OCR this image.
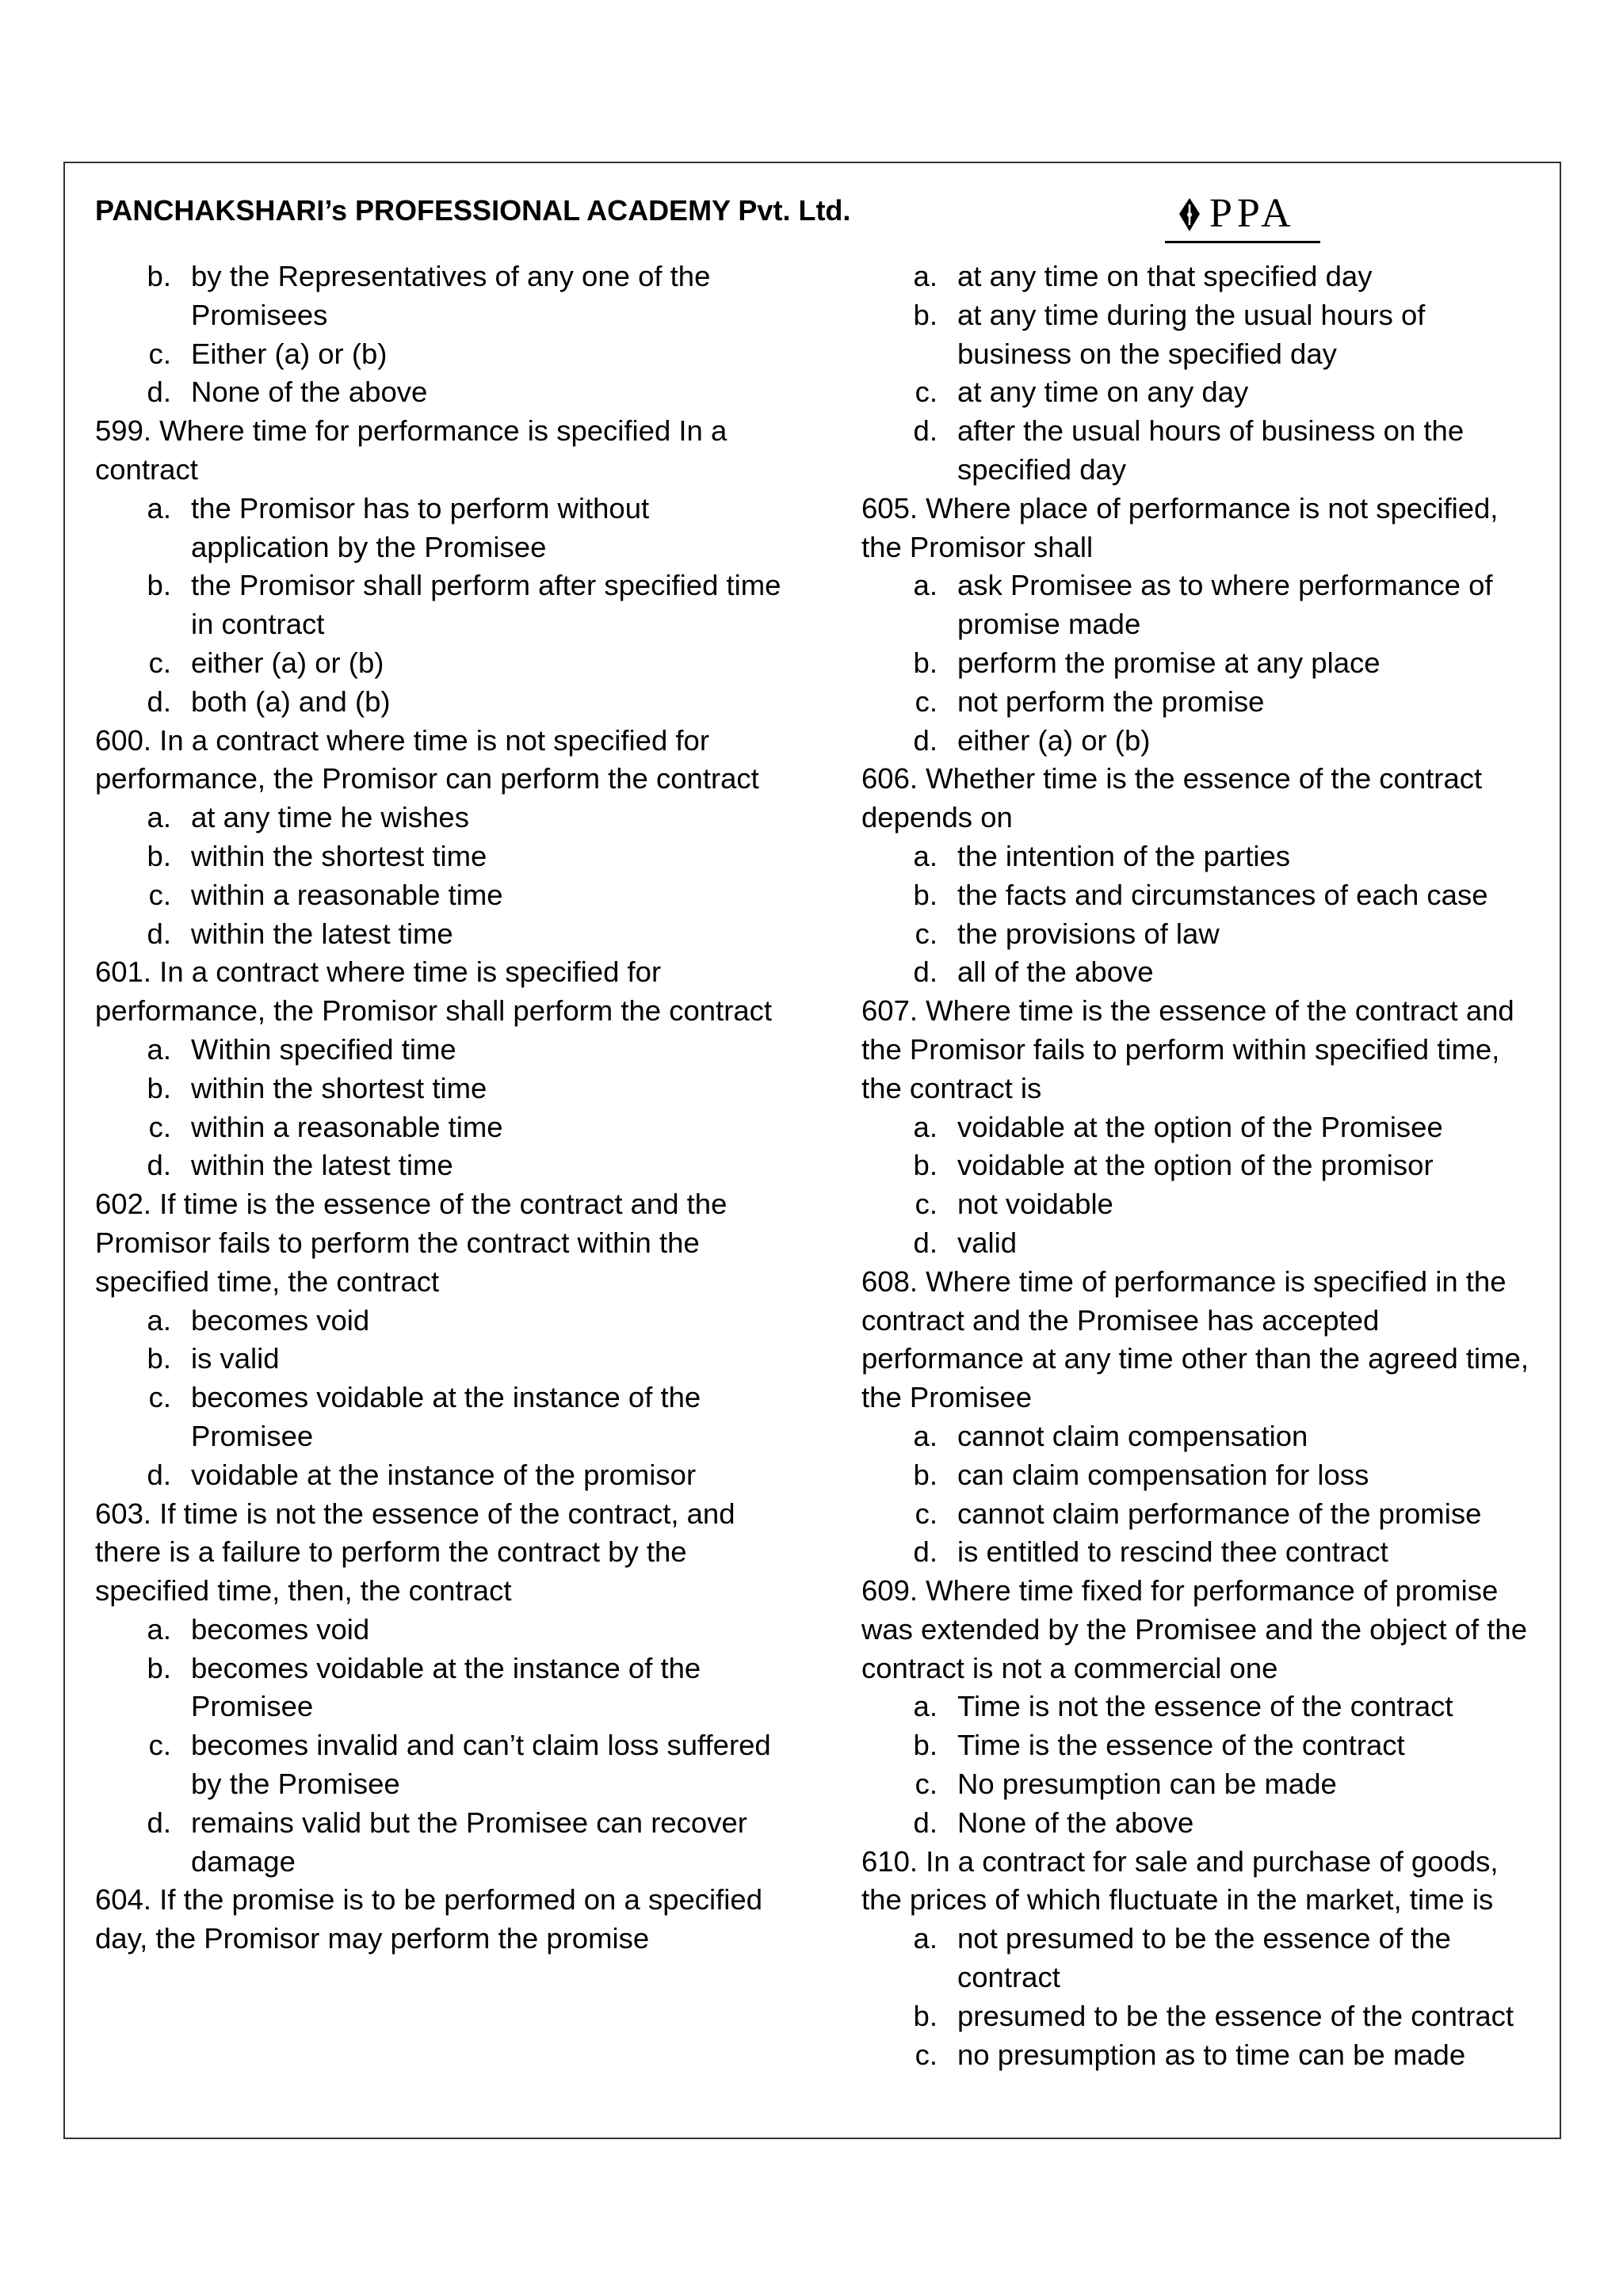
PANCHAKSHARI’s PROFESSIONAL ACADEMY Pvt. Ltd.	PPA
b. by the Representatives of any one of the Promisees
c. Either (a) or (b)
d. None of the above

599. Where time for performance is specified In a contract

a. the Promisor has to perform without application by the Promisee
b. the Promisor shall perform after specified time in contract
c. either (a) or (b)
d. both (a) and (b)

600. In a contract where time is not specified for performance, the Promisor can perform the contract

a. at any time he wishes
b. within the shortest time
c. within a reasonable time
d. within the latest time

601. In a contract where time is specified for performance, the Promisor shall perform the contract

a. Within specified time
b. within the shortest time
c. within a reasonable time
d. within the latest time

602. If time is the essence of the contract and the Promisor fails to perform the contract within the specified time, the contract

a. becomes void
b. is valid
c. becomes voidable at the instance of the Promisee
d. voidable at the instance of the promisor

603. If time is not the essence of the contract, and there is a failure to perform the contract by the specified time, then, the contract

a. becomes void
b. becomes voidable at the instance of the Promisee
c. becomes invalid and can’t claim loss suffered by the Promisee
d. remains valid but the Promisee can recover damage

604. If the promise is to be performed on a specified day, the Promisor may perform the promise

a. at any time on that specified day
b. at any time during the usual hours of business on the specified day
c. at any time on any day
d. after the usual hours of business on the specified day

605. Where place of performance is not specified, the Promisor shall

a. ask Promisee as to where performance of promise made
b. perform the promise at any place
c. not perform the promise
d. either (a) or (b)

606. Whether time is the essence of the contract depends on

a. the intention of the parties
b. the facts and circumstances of each case
c. the provisions of law
d. all of the above

607. Where time is the essence of the contract and the Promisor fails to perform within specified time, the contract is

a. voidable at the option of the Promisee
b. voidable at the option of the promisor
c. not voidable
d. valid

608. Where time of performance is specified in the contract and the Promisee has accepted performance at any time other than the agreed time, the Promisee

a. cannot claim compensation
b. can claim compensation for loss
c. cannot claim performance of the promise
d. is entitled to rescind thee contract

609. Where time fixed for performance of promise was extended by the Promisee and the object of the contract is not a commercial one

a. Time is not the essence of the contract
b. Time is the essence of the contract
c. No presumption can be made
d. None of the above

610. In a contract for sale and purchase of goods, the prices of which fluctuate in the market, time is

a. not presumed to be the essence of the contract
b. presumed to be the essence of the contract
c. no presumption as to time can be made
